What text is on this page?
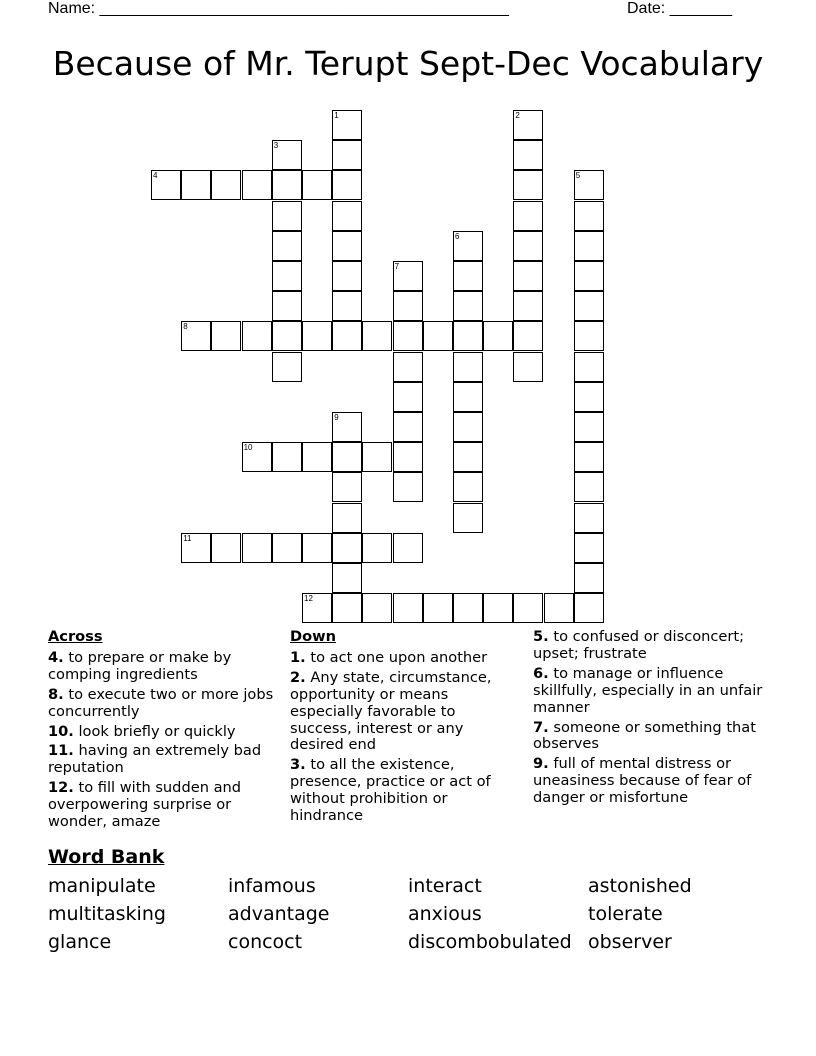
Name: ______________________________________________	Date: _______
Because of Mr. Terupt Sept-Dec Vocabulary
1	2
3
4	5
6
7
8
9
10
11
12
Across
4. to prepare or make by comping ingredients
8. to execute two or more jobs concurrently
10. look briefly or quickly
11. having an extremely bad reputation
12. to fill with sudden and overpowering surprise or wonder, amaze
Down
1. to act one upon another
2. Any state, circumstance, opportunity or means especially favorable to success, interest or any desired end
3. to all the existence, presence, practice or act of without prohibition or hindrance
5. to confused or disconcert; upset; frustrate
6. to manage or influence skillfully, especially in an unfair manner
7. someone or something that observes
9. full of mental distress or uneasiness because of fear of danger or misfortune
Word Bank
manipulate	infamous	interact	astonished
multitasking	advantage	anxious	tolerate
glance	concoct	discombobulated observer
